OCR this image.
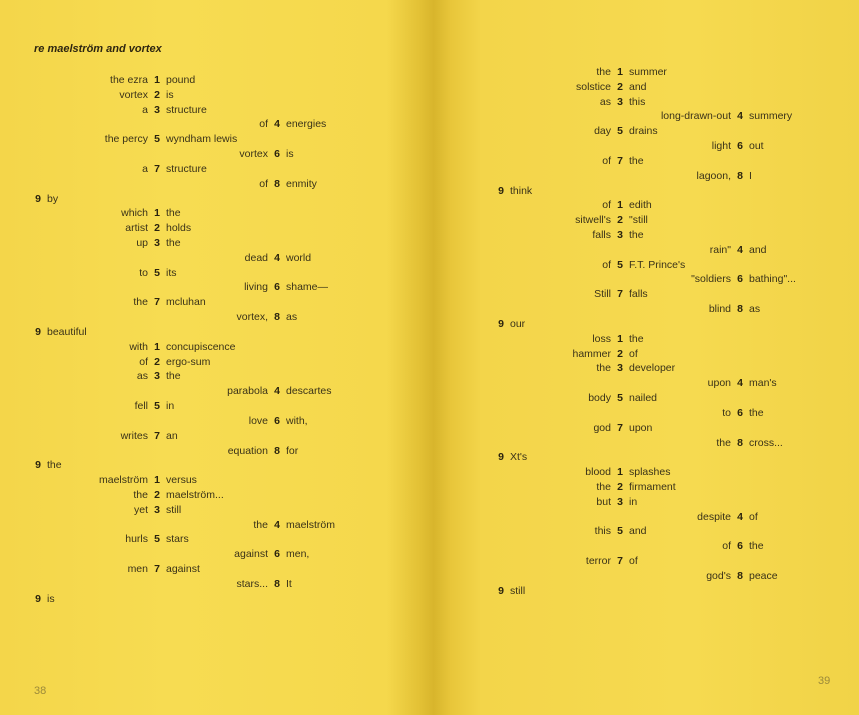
re maelström and vortex
the ezra 1 pound
vortex 2 is
a 3 structure
of 4 energies
the percy 5 wyndham lewis
vortex 6 is
a 7 structure
of 8 enmity
9 by
which 1 the
artist 2 holds
up 3 the
dead 4 world
to 5 its
living 6 shame—
the 7 mcluhan
vortex, 8 as
9 beautiful
with 1 concupiscence
of 2 ergo-sum
as 3 the
parabola 4 descartes
fell 5 in
love 6 with,
writes 7 an
equation 8 for
9 the
maelström 1 versus
the 2 maelström...
yet 3 still
the 4 maelström
hurls 5 stars
against 6 men,
men 7 against
stars... 8 It
9 is
38
the 1 summer
solstice 2 and
as 3 this
long-drawn-out 4 summery
day 5 drains
light 6 out
of 7 the
lagoon, 8 I
9 think
of 1 edith
sitwell's 2 "still
falls 3 the
rain" 4 and
of 5 F.T. Prince's
"soldiers 6 bathing"...
Still 7 falls
blind 8 as
9 our
loss 1 the
hammer 2 of
the 3 developer
upon 4 man's
body 5 nailed
to 6 the
god 7 upon
the 8 cross...
9 Xt's
blood 1 splashes
the 2 firmament
but 3 in
despite 4 of
this 5 and
of 6 the
terror 7 of
god's 8 peace
9 still
39
